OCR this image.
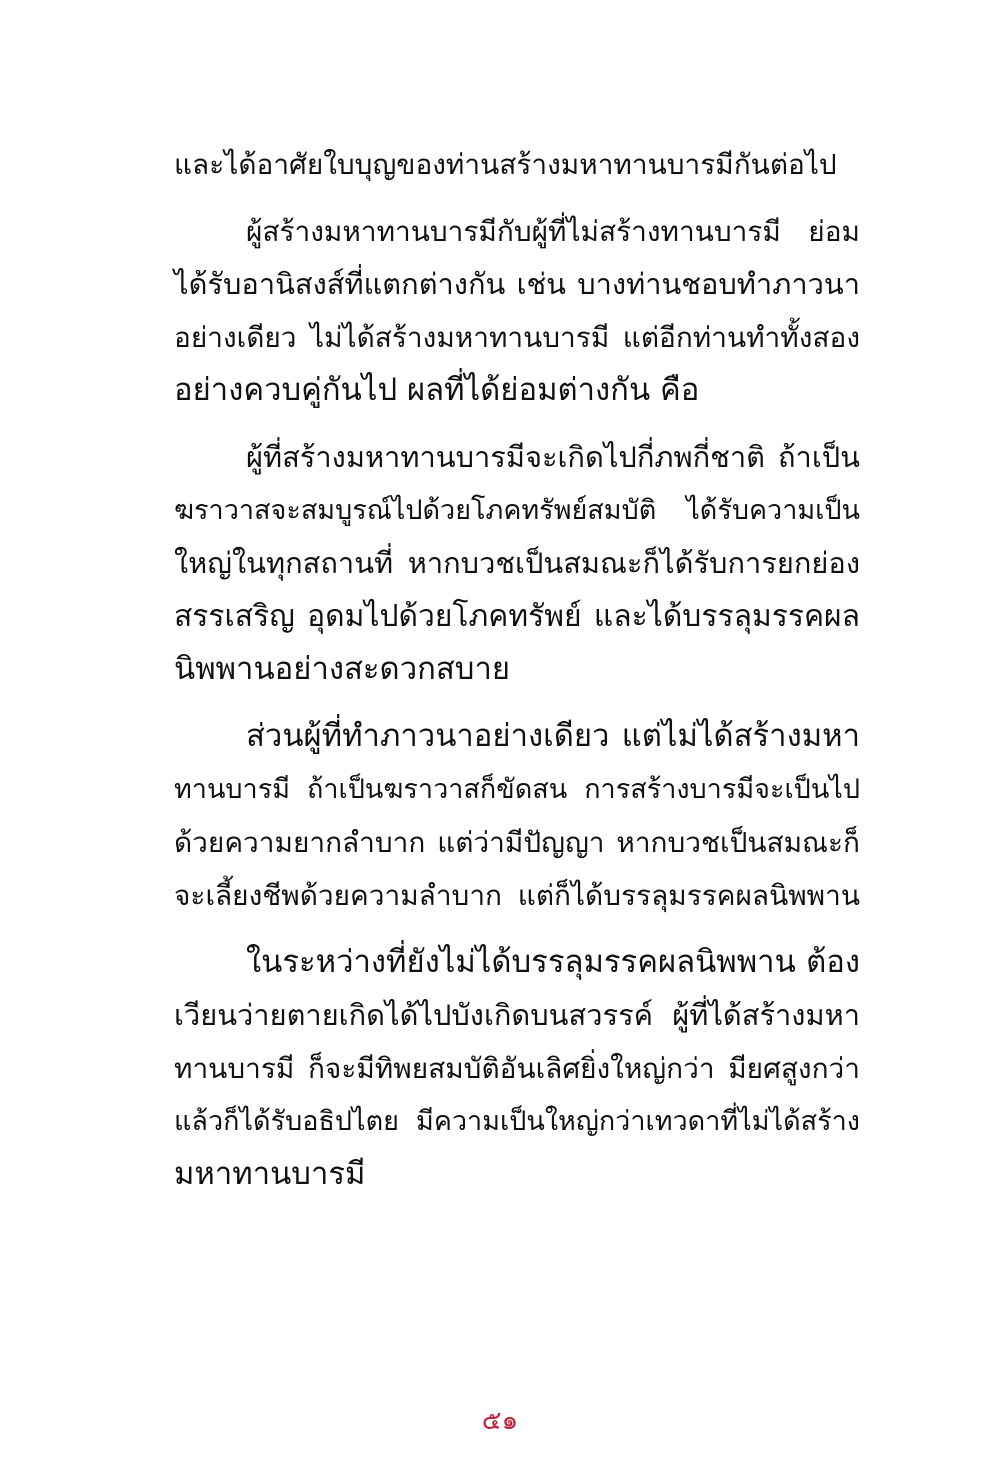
และได้อาศัยใบบุญของท่านสร้างมหาทานบารมีกันต่อไป

ผู้สร้างมหาทานบารมีกับผู้ที่ไม่สร้างทานบารมี ย่อม
ได้รับอานิสงส์ที่แตกต่างกัน เช่น บางท่านชอบทำภาวนา
อย่างเดียว ไม่ได้สร้างมหาทานบารมี แต่อีกท่านทำทั้งสอง
อย่างควบคู่กันไป ผลที่ได้ย่อมต่างกัน คือ

ผู้ที่สร้างมหาทานบารมีจะเกิดไปกี่ภพกี่ชาติ ถ้าเป็น
ฆราวาสจะสมบูรณ์ไปด้วยโภคทรัพย์สมบัติ ได้รับความเป็น
ใหญ่ในทุกสถานที่ หากบวชเป็นสมณะก็ได้รับการยกย่อง
สรรเสริญ อุดมไปด้วยโภคทรัพย์ และได้บรรลุมรรคผล
นิพพานอย่างสะดวกสบาย

ส่วนผู้ที่ทำภาวนาอย่างเดียว แต่ไม่ได้สร้างมหา
ทานบารมี ถ้าเป็นฆราวาสก็ขัดสน การสร้างบารมีจะเป็นไป
ด้วยความยากลำบาก แต่ว่ามีปัญญา หากบวชเป็นสมณะก็
จะเลี้ยงชีพด้วยความลำบาก แต่ก็ได้บรรลุมรรคผลนิพพาน

ในระหว่างที่ยังไม่ได้บรรลุมรรคผลนิพพาน ต้อง
เวียนว่ายตายเกิดได้ไปบังเกิดบนสวรรค์ ผู้ที่ได้สร้างมหา
ทานบารมี ก็จะมีทิพยสมบัติอันเลิศยิ่งใหญ่กว่า มียศสูงกว่า
แล้วก็ได้รับอธิปไตย มีความเป็นใหญ่กว่าเทวดาที่ไม่ได้สร้าง
มหาทานบารมี

๕๑
